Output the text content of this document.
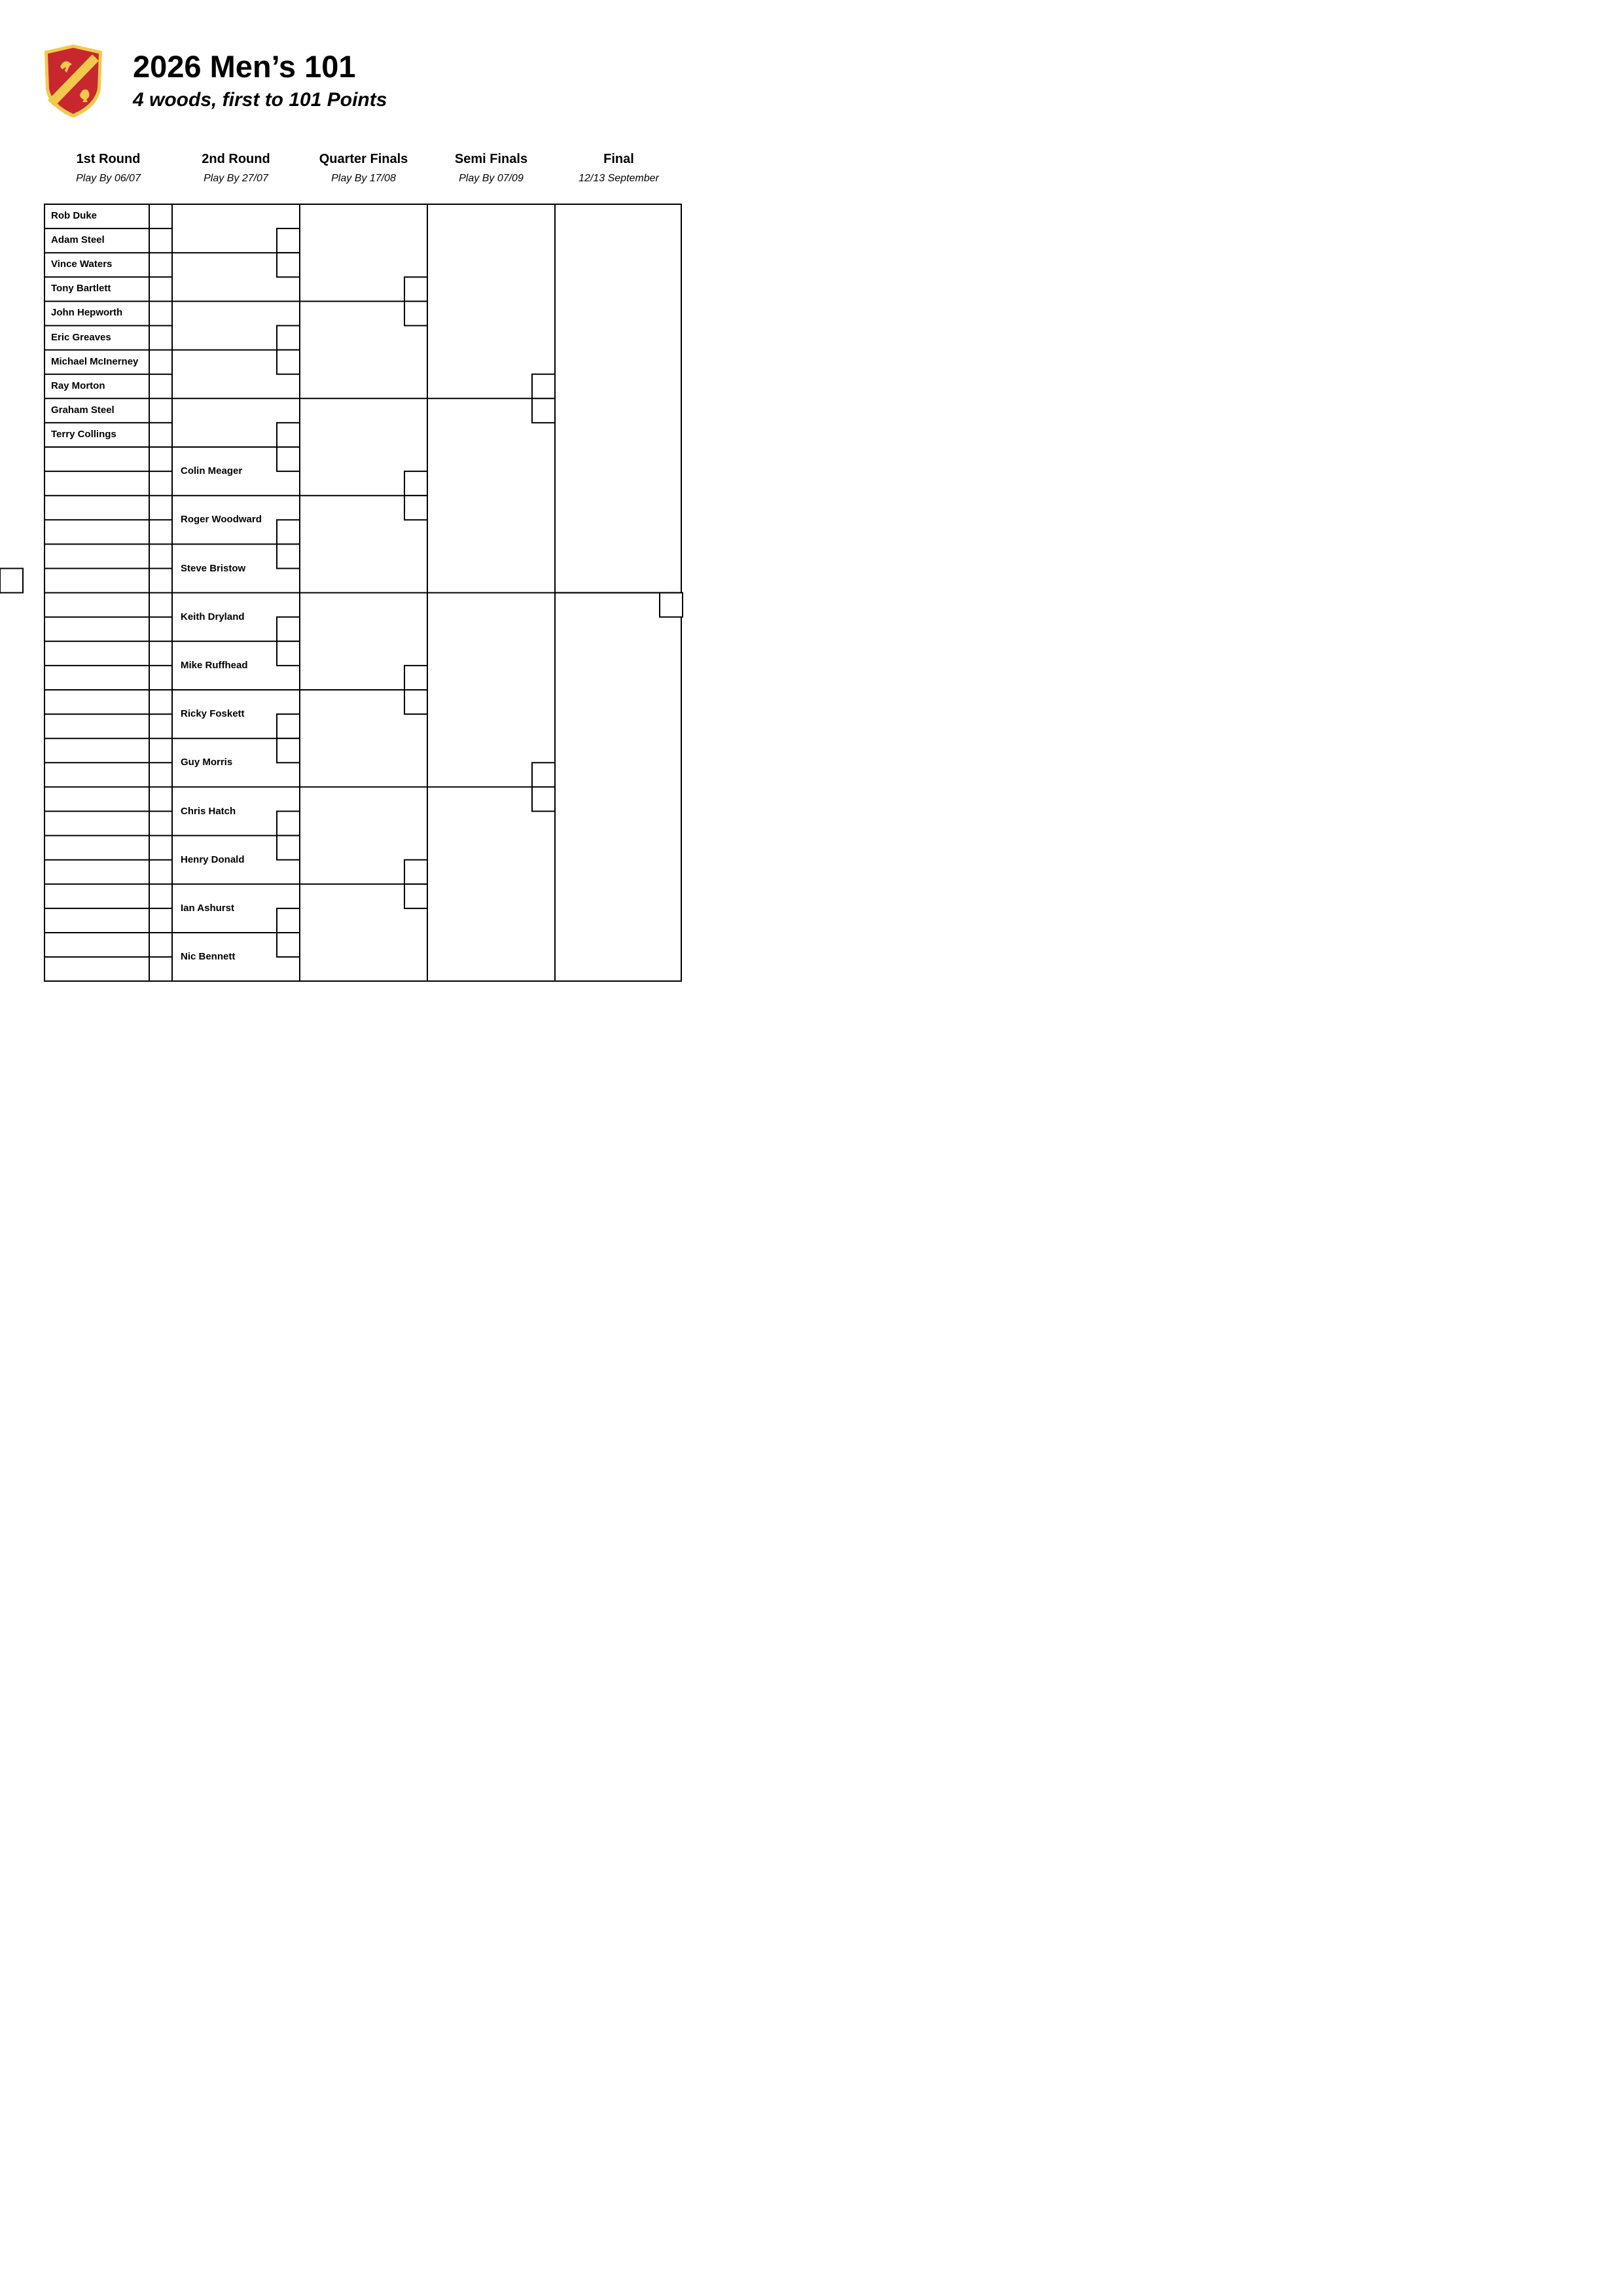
2026 Men’s 101
4 woods, first to 101 Points
1st Round
Play By 06/07
2nd Round
Play By 27/07
Quarter Finals
Play By 17/08
Semi Finals
Play By 07/09
Final
12/13 September
Rob Duke
Adam Steel
Vince Waters
Tony Bartlett
John Hepworth
Eric Greaves
Michael McInerney
Ray Morton
Graham Steel
Terry Collings
Colin Meager
Roger Woodward
Steve Bristow
Keith Dryland
Mike Ruffhead
Ricky Foskett
Guy Morris
Chris Hatch
Henry Donald
Ian Ashurst
Nic Bennett
